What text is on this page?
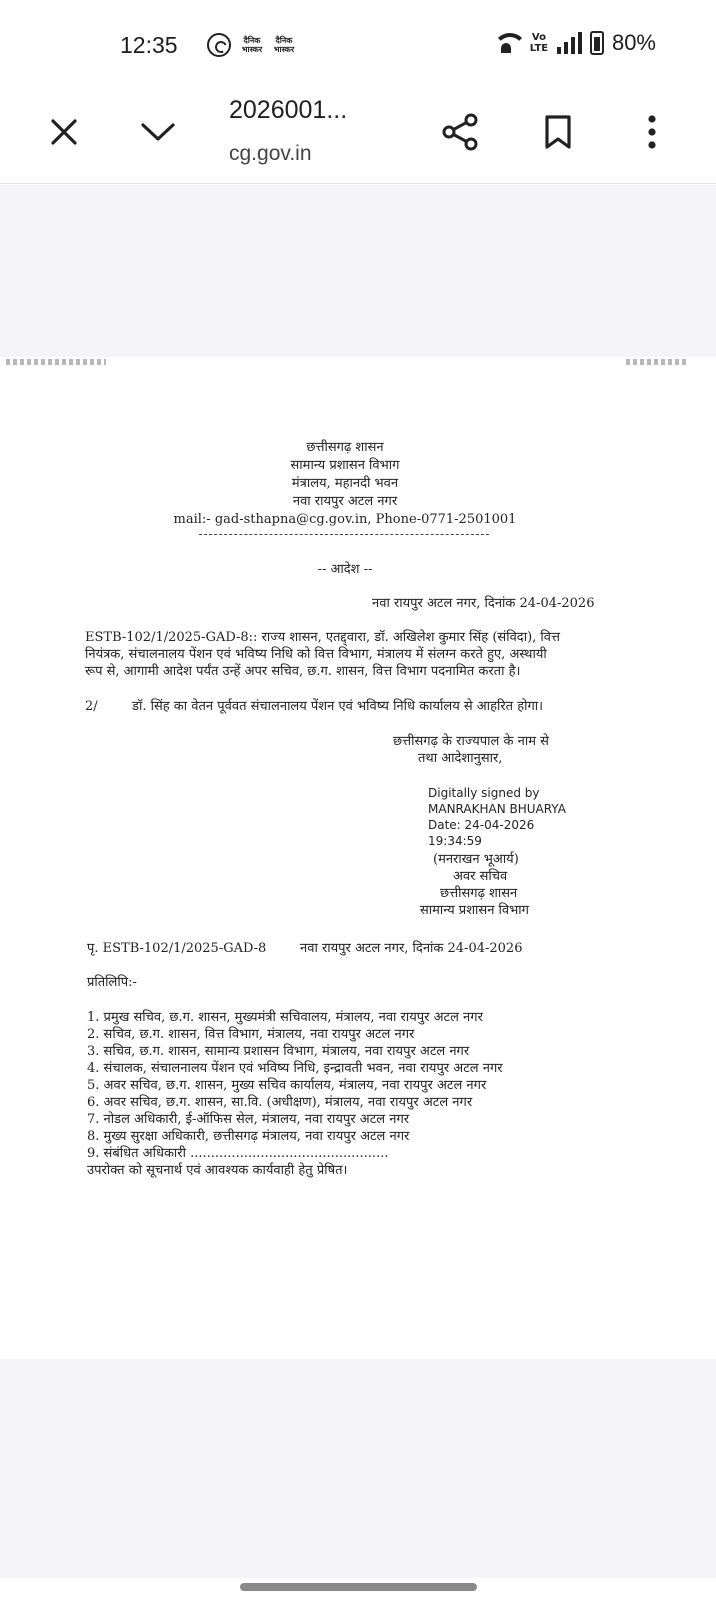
12:35	दैनिक भास्कर
दैनिक भास्कर
Vo LTE	80%
2026001...
cg.gov.in
छत्तीसगढ़ शासन
सामान्य प्रशासन विभाग
मंत्रालय, महानदी भवन
नवा रायपुर अटल नगर
mail:- gad-sthapna@cg.gov.in, Phone-0771-2501001
-- आदेश --
नवा रायपुर अटल नगर, दिनांक 24-04-2026
ESTB-102/1/2025-GAD-8:: राज्य शासन, एतद्द्वारा, डॉ. अखिलेश कुमार सिंह (संविदा), वित्त
नियंत्रक, संचालनालय पेंशन एवं भविष्य निधि को वित्त विभाग, मंत्रालय में संलग्न करते हुए, अस्थायी
रूप से, आगामी आदेश पर्यंत उन्हें अपर सचिव, छ.ग. शासन, वित्त विभाग पदनामित करता है।
2/	डॉ. सिंह का वेतन पूर्ववत संचालनालय पेंशन एवं भविष्य निधि कार्यालय से आहरित होगा।
छत्तीसगढ़ के राज्यपाल के नाम से
तथा आदेशानुसार,
Digitally signed by
MANRAKHAN BHUARYA
Date: 24-04-2026
19:34:59
(मनराखन भूआर्य)
अवर सचिव
छत्तीसगढ़ शासन
सामान्य प्रशासन विभाग
पृ. ESTB-102/1/2025-GAD-8	नवा रायपुर अटल नगर, दिनांक 24-04-2026
प्रतिलिपि:-
1. प्रमुख सचिव, छ.ग. शासन, मुख्यमंत्री सचिवालय, मंत्रालय, नवा रायपुर अटल नगर
2. सचिव, छ.ग. शासन, वित्त विभाग, मंत्रालय, नवा रायपुर अटल नगर
3. सचिव, छ.ग. शासन, सामान्य प्रशासन विभाग, मंत्रालय, नवा रायपुर अटल नगर
4. संचालक, संचालनालय पेंशन एवं भविष्य निधि, इन्द्रावती भवन, नवा रायपुर अटल नगर
5. अवर सचिव, छ.ग. शासन, मुख्य सचिव कार्यालय, मंत्रालय, नवा रायपुर अटल नगर
6. अवर सचिव, छ.ग. शासन, सा.वि. (अधीक्षण), मंत्रालय, नवा रायपुर अटल नगर
7. नोडल अधिकारी, ई-ऑफिस सेल, मंत्रालय, नवा रायपुर अटल नगर
8. मुख्य सुरक्षा अधिकारी, छत्तीसगढ़ मंत्रालय, नवा रायपुर अटल नगर
9. संबंधित अधिकारी ................................................
उपरोक्त को सूचनार्थ एवं आवश्यक कार्यवाही हेतु प्रेषित।
